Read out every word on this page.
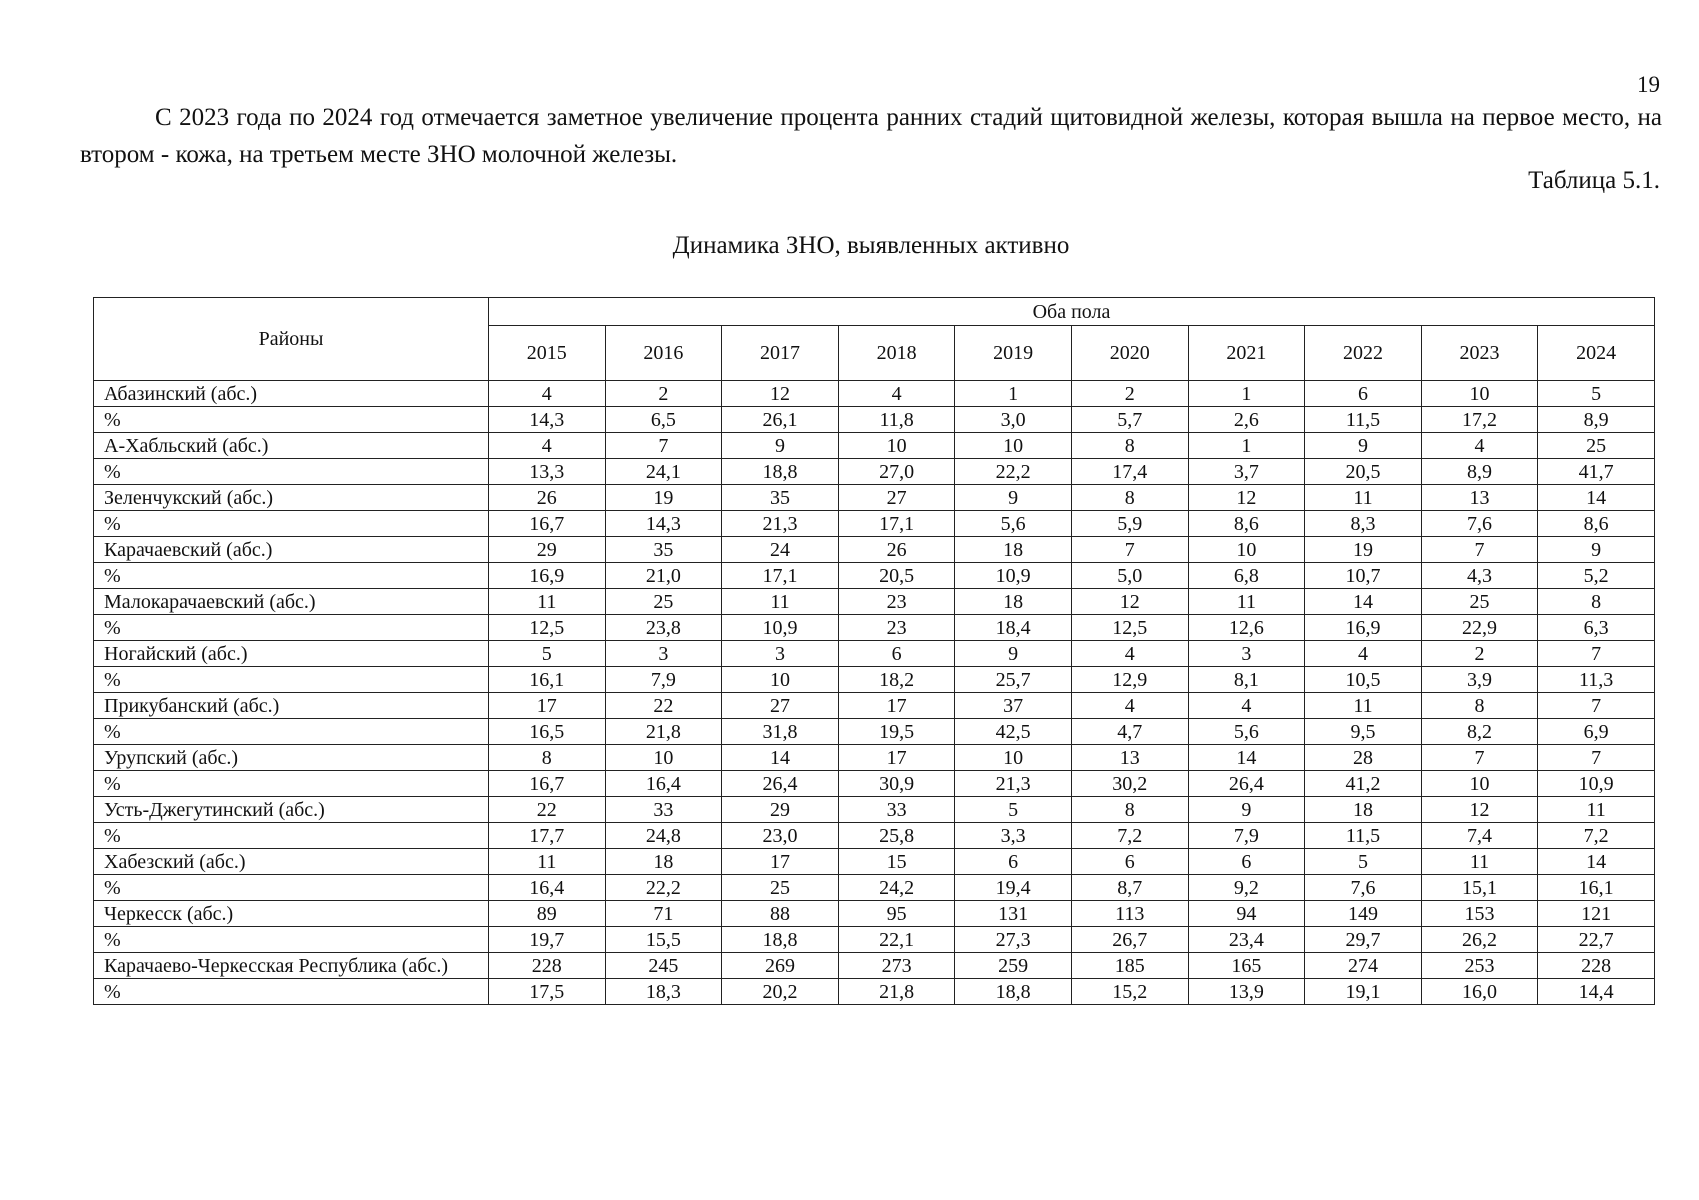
19

С 2023 года по 2024 год отмечается заметное увеличение процента ранних стадий щитовидной железы, которая вышла на первое место, на втором - кожа, на третьем месте ЗНО молочной железы.

Таблица 5.1.
Динамика ЗНО, выявленных активно
Районы	Оба пола									
	2015	2016	2017	2018	2019	2020	2021	2022	2023	2024
Абазинский (абс.)	4	2	12	4	1	2	1	6	10	5
%	14,3	6,5	26,1	11,8	3,0	5,7	2,6	11,5	17,2	8,9
А-Хабльский (абс.)	4	7	9	10	10	8	1	9	4	25
%	13,3	24,1	18,8	27,0	22,2	17,4	3,7	20,5	8,9	41,7
Зеленчукский (абс.)	26	19	35	27	9	8	12	11	13	14
%	16,7	14,3	21,3	17,1	5,6	5,9	8,6	8,3	7,6	8,6
Карачаевский (абс.)	29	35	24	26	18	7	10	19	7	9
%	16,9	21,0	17,1	20,5	10,9	5,0	6,8	10,7	4,3	5,2
Малокарачаевский (абс.)	11	25	11	23	18	12	11	14	25	8
%	12,5	23,8	10,9	23	18,4	12,5	12,6	16,9	22,9	6,3
Ногайский (абс.)	5	3	3	6	9	4	3	4	2	7
%	16,1	7,9	10	18,2	25,7	12,9	8,1	10,5	3,9	11,3
Прикубанский (абс.)	17	22	27	17	37	4	4	11	8	7
%	16,5	21,8	31,8	19,5	42,5	4,7	5,6	9,5	8,2	6,9
Урупский (абс.)	8	10	14	17	10	13	14	28	7	7
%	16,7	16,4	26,4	30,9	21,3	30,2	26,4	41,2	10	10,9
Усть-Джегутинский (абс.)	22	33	29	33	5	8	9	18	12	11
%	17,7	24,8	23,0	25,8	3,3	7,2	7,9	11,5	7,4	7,2
Хабезский (абс.)	11	18	17	15	6	6	6	5	11	14
%	16,4	22,2	25	24,2	19,4	8,7	9,2	7,6	15,1	16,1
Черкесск (абс.)	89	71	88	95	131	113	94	149	153	121
%	19,7	15,5	18,8	22,1	27,3	26,7	23,4	29,7	26,2	22,7
Карачаево-Черкесская Республика (абс.)	228	245	269	273	259	185	165	274	253	228
%	17,5	18,3	20,2	21,8	18,8	15,2	13,9	19,1	16,0	14,4
